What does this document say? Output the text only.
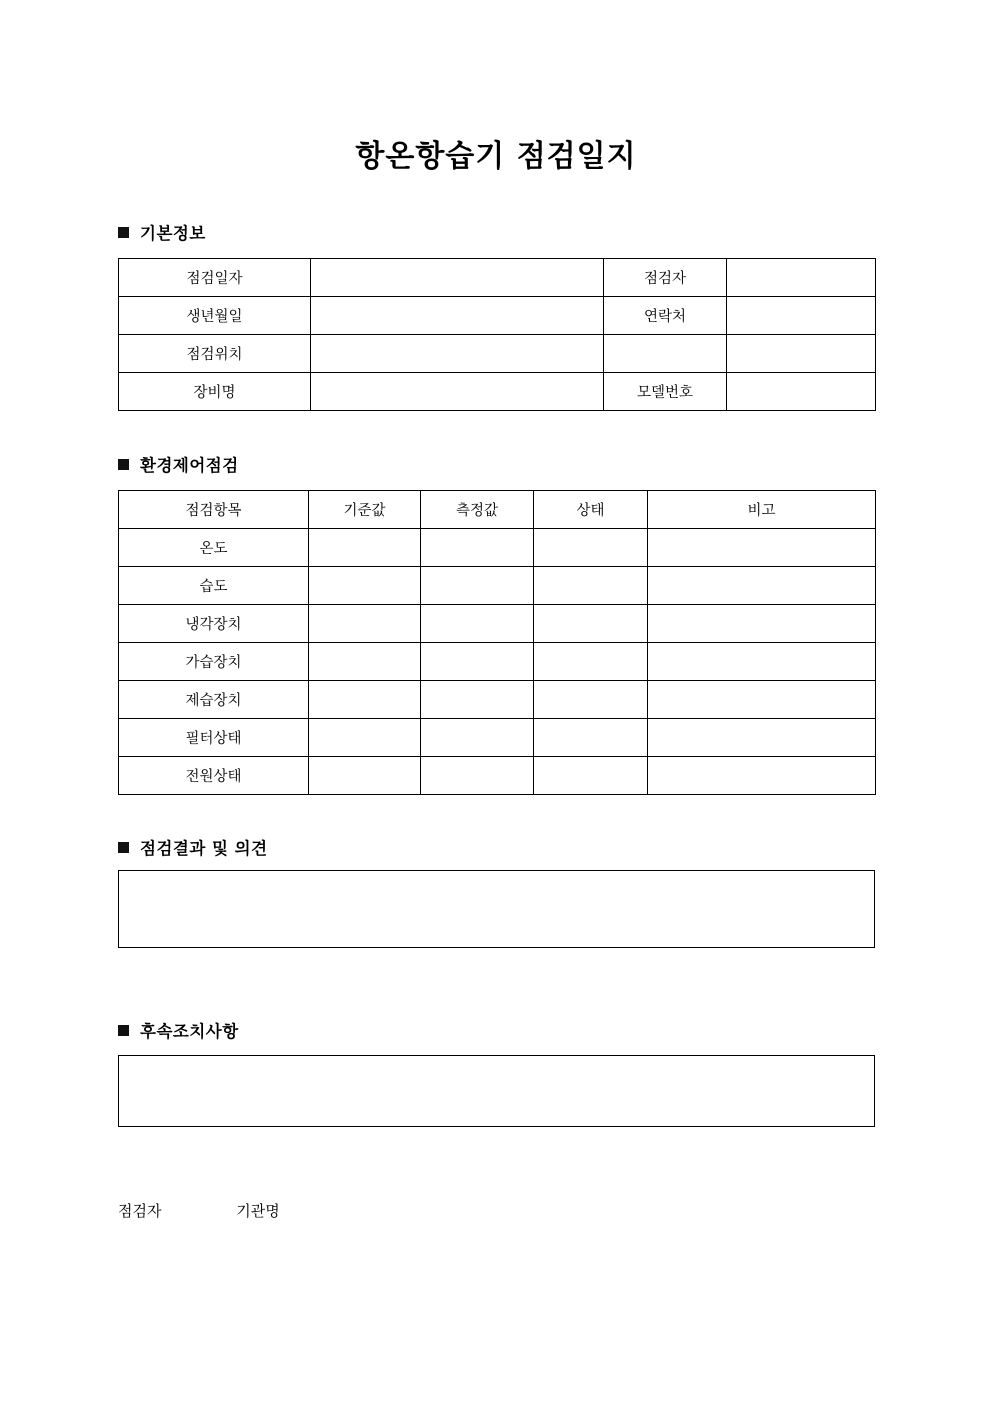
항온항습기 점검일지
기본정보
점검일자		점검자	
생년월일		연락처	
점검위치			
장비명		모델번호	
환경제어점검
점검항목	기준값	측정값	상태	비고
온도				
습도				
냉각장치				
가습장치				
제습장치				
필터상태				
전원상태				
점검결과 및 의견
후속조치사항
점검자	기관명
